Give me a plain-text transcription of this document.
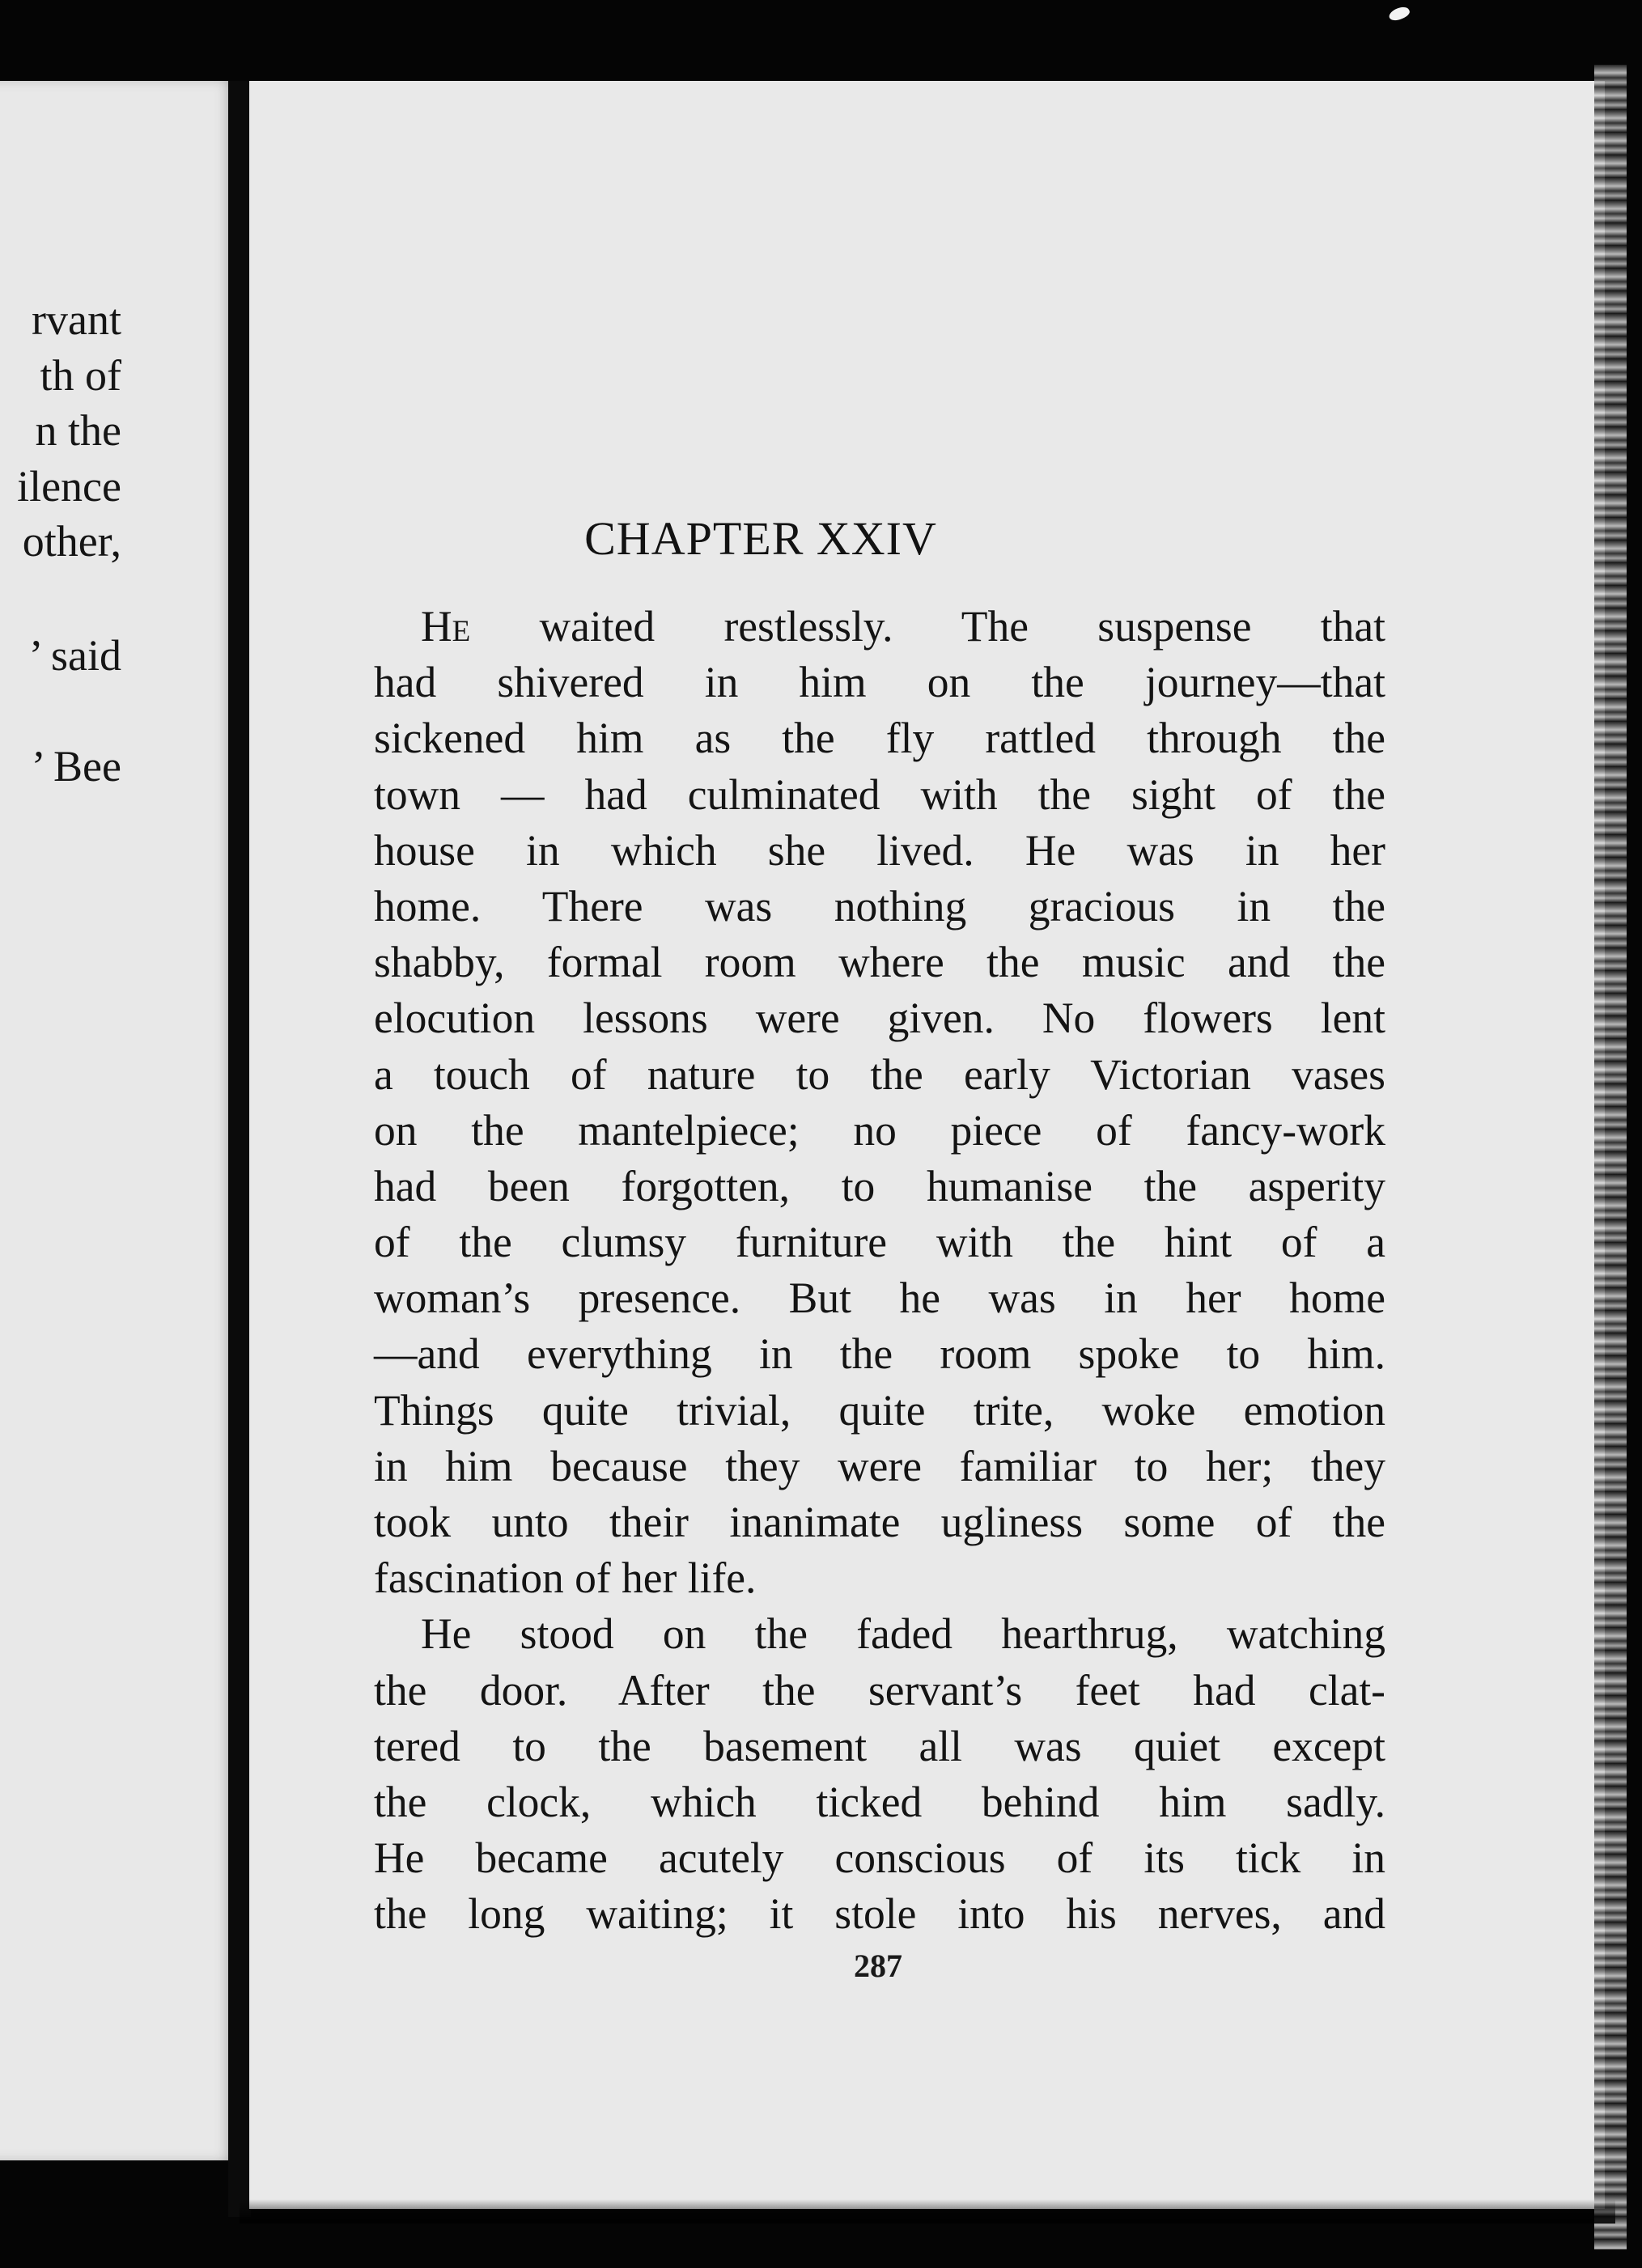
rvant
th of
n the
ilence
other,
’ said
’ Bee
CHAPTER XXIV
He waited restlessly. The suspense that
had shivered in him on the journey—that
sickened him as the fly rattled through the
town — had culminated with the sight of the
house in which she lived. He was in her
home. There was nothing gracious in the
shabby, formal room where the music and the
elocution lessons were given. No flowers lent
a touch of nature to the early Victorian vases
on the mantelpiece; no piece of fancy-work
had been forgotten, to humanise the asperity
of the clumsy furniture with the hint of a
woman’s presence. But he was in her home
—and everything in the room spoke to him.
Things quite trivial, quite trite, woke emotion
in him because they were familiar to her; they
took unto their inanimate ugliness some of the
fascination of her life.
He stood on the faded hearthrug, watching
the door. After the servant’s feet had clat-
tered to the basement all was quiet except
the clock, which ticked behind him sadly.
He became acutely conscious of its tick in
the long waiting; it stole into his nerves, and
287
